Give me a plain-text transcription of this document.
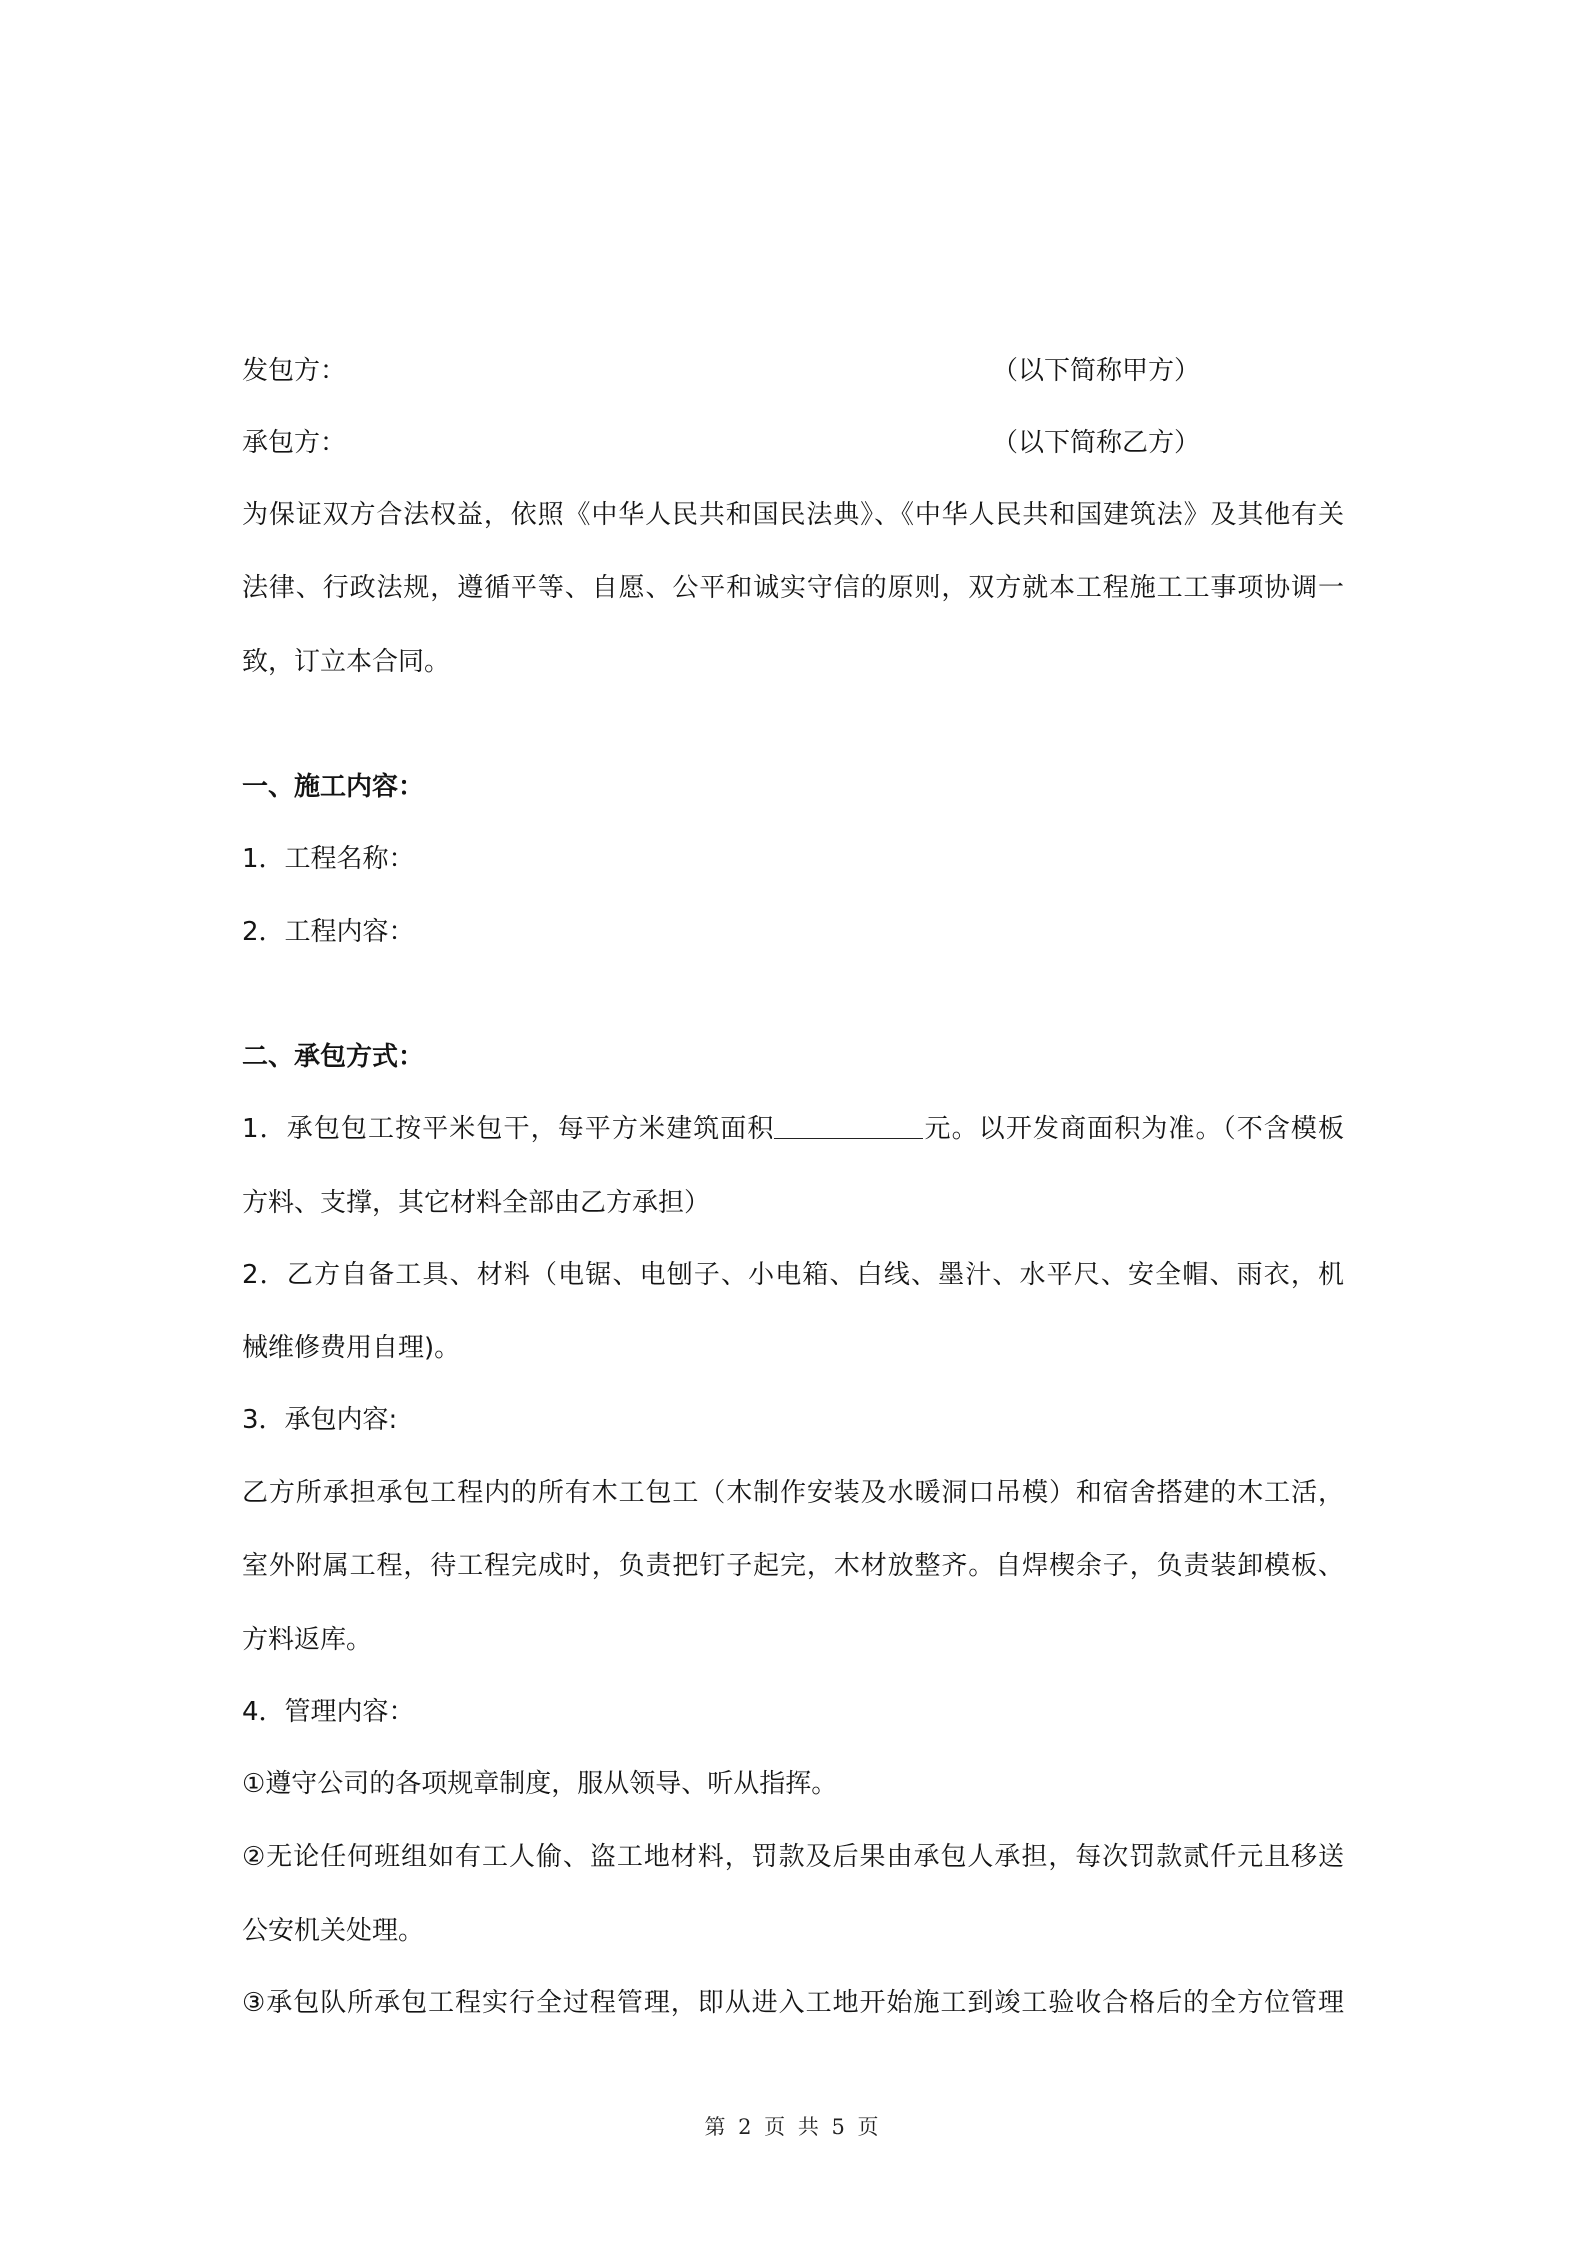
发包方：	（以下简称甲方）
承包方：	（以下简称乙方）
为保证双方合法权益，依照《中华人民共和国民法典》、《中华人民共和国建筑法》及其他有关
法律、行政法规，遵循平等、自愿、公平和诚实守信的原则，双方就本工程施工工事项协调一
致，订立本合同。
一、施工内容：
1．工程名称：
2．工程内容：
二、承包方式：
1．承包包工按平米包干，每平方米建筑面积	元。以开发商面积为准。（不含模板
方料、支撑，其它材料全部由乙方承担）
2．乙方自备工具、材料（电锯、电刨子、小电箱、白线、墨汁、水平尺、安全帽、雨衣，机
械维修费用自理)。
3．承包内容:
乙方所承担承包工程内的所有木工包工（木制作安装及水暖洞口吊模）和宿舍搭建的木工活，
室外附属工程，待工程完成时，负责把钉子起完，木材放整齐。自焊楔余子，负责装卸模板、
方料返库。
4．管理内容：
①遵守公司的各项规章制度，服从领导、听从指挥。
②无论任何班组如有工人偷、盗工地材料，罚款及后果由承包人承担，每次罚款贰仟元且移送
公安机关处理。
③承包队所承包工程实行全过程管理，即从进入工地开始施工到竣工验收合格后的全方位管理
第 2 页 共 5 页
